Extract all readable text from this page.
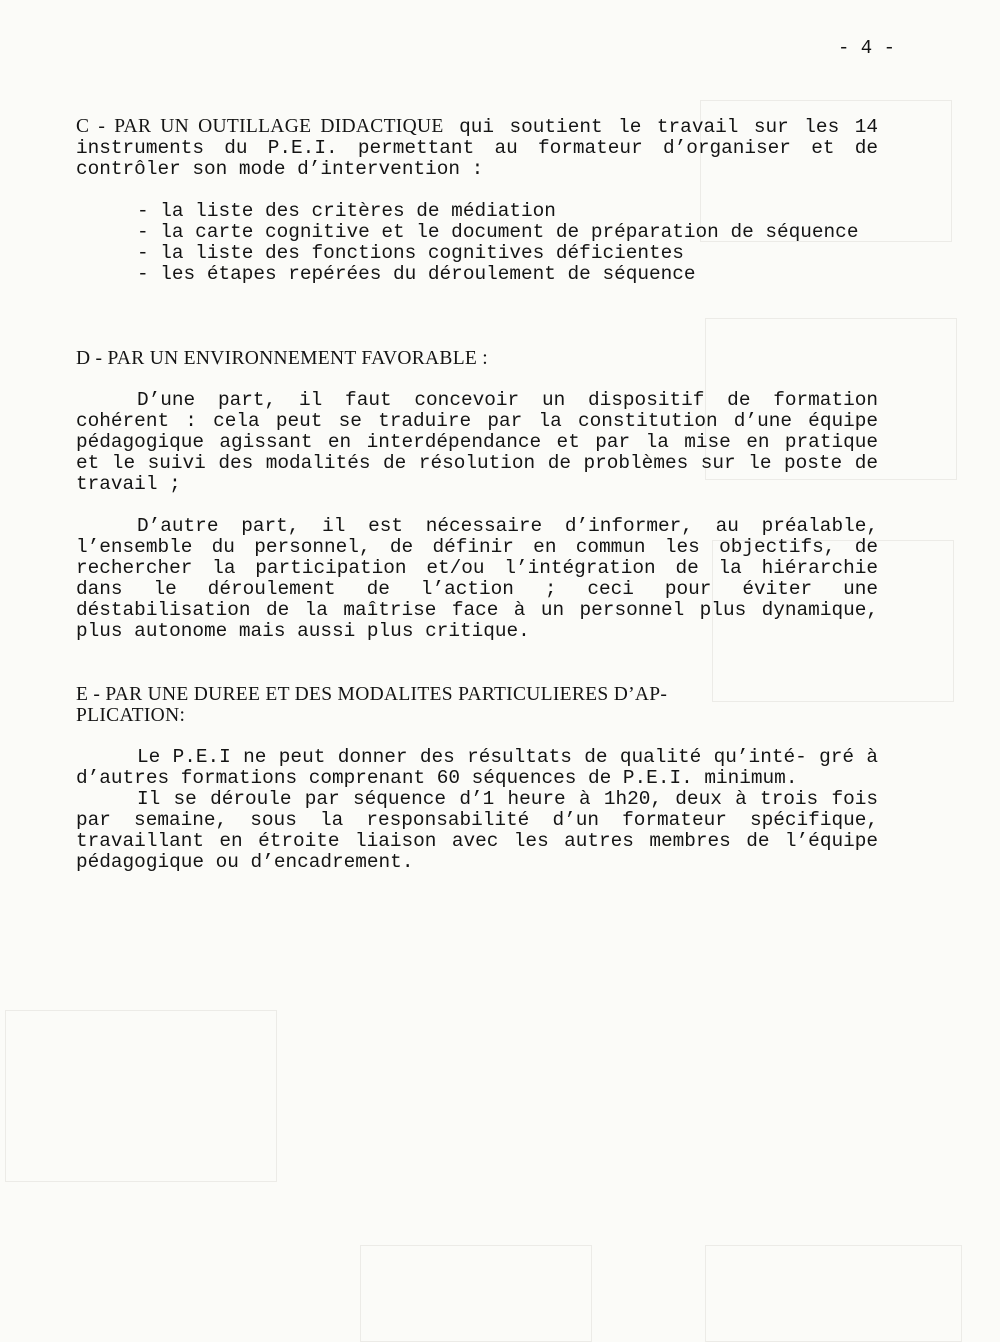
- 4 -

C - PAR UN OUTILLAGE DIDACTIQUE qui soutient le travail sur les 14 instruments du P.E.I. permettant au formateur d’organiser et de contrôler son mode d’intervention :

- la liste des critères de médiation
- la carte cognitive et le document de préparation de séquence
- la liste des fonctions cognitives déficientes
- les étapes repérées du déroulement de séquence

D - PAR UN ENVIRONNEMENT FAVORABLE :

D’une part, il faut concevoir un dispositif de formation cohérent : cela peut se traduire par la constitution d’une équipe pédagogique agissant en interdépendance et par la mise en pratique et le suivi des modalités de résolution de problèmes sur le poste de travail ;

D’autre part, il est nécessaire d’informer, au préalable, l’ensemble du personnel, de définir en commun les objectifs, de rechercher la participation et/ou l’intégration de la hiérarchie dans le déroulement de l’action ; ceci pour éviter une déstabilisation de la maîtrise face à un personnel plus dynamique, plus autonome mais aussi plus critique.

E - PAR UNE DUREE ET DES MODALITES PARTICULIERES D’AP-
PLICATION:

Le P.E.I ne peut donner des résultats de qualité qu’inté- gré à d’autres formations comprenant 60 séquences de P.E.I. minimum.

Il se déroule par séquence d’1 heure à 1h20, deux à trois fois par semaine, sous la responsabilité d’un formateur spécifique, travaillant en étroite liaison avec les autres membres de l’équipe pédagogique ou d’encadrement.
